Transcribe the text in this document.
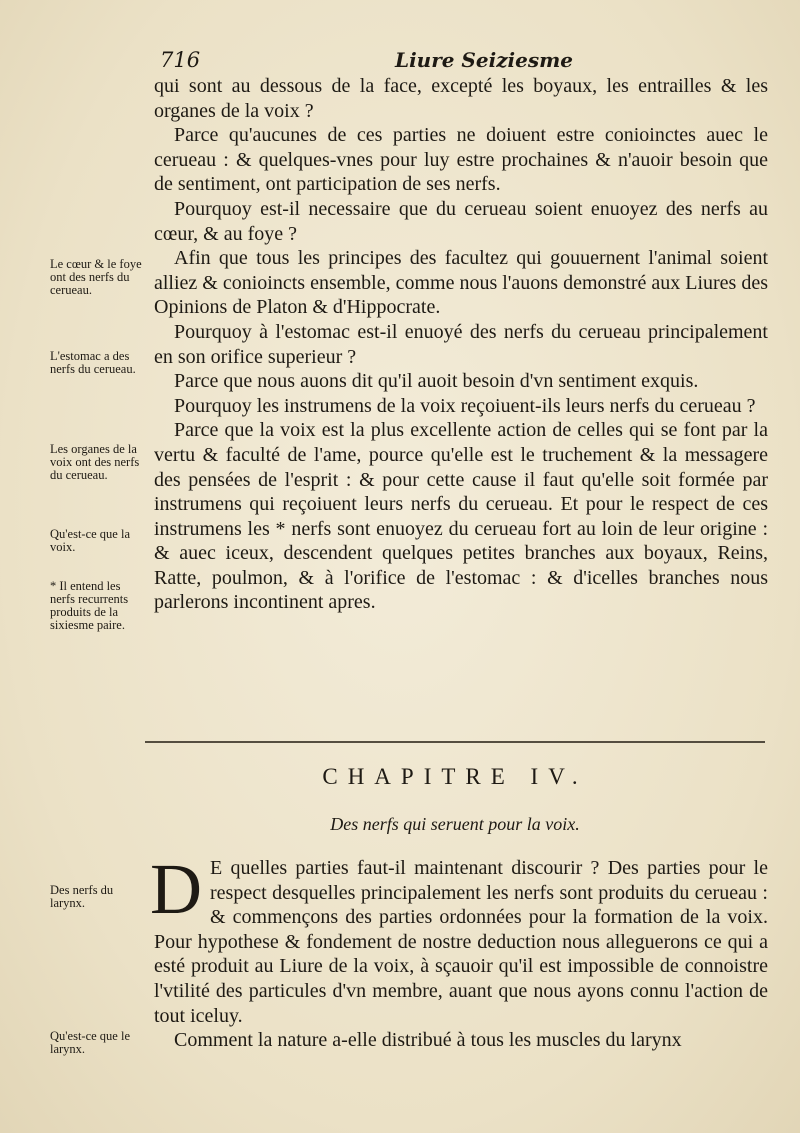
716	Liure Seiziesme

qui sont au dessous de la face, excepté les boyaux, les entrailles & les organes de la voix ?

Parce qu'aucunes de ces parties ne doiuent estre conioinctes auec le cerueau : & quelques-vnes pour luy estre prochaines & n'auoir besoin que de sentiment, ont participation de ses nerfs.

Pourquoy est-il necessaire que du cerueau soient enuoyez des nerfs au cœur, & au foye ?

Afin que tous les principes des facultez qui gouuernent l'animal soient alliez & conioincts ensemble, comme nous l'auons demonstré aux Liures des Opinions de Platon & d'Hippocrate.

Pourquoy à l'estomac est-il enuoyé des nerfs du cerueau principalement en son orifice superieur ?

Parce que nous auons dit qu'il auoit besoin d'vn sentiment exquis.

Pourquoy les instrumens de la voix reçoiuent-ils leurs nerfs du cerueau ?

Parce que la voix est la plus excellente action de celles qui se font par la vertu & faculté de l'ame, pource qu'elle est le truchement & la messagere des pensées de l'esprit : & pour cette cause il faut qu'elle soit formée par instrumens qui reçoiuent leurs nerfs du cerueau. Et pour le respect de ces instrumens les * nerfs sont enuoyez du cerueau fort au loin de leur origine : & auec iceux, descendent quelques petites branches aux boyaux, Reins, Ratte, poulmon, & à l'orifice de l'estomac : & d'icelles branches nous parlerons incontinent apres.

Le cœur & le foye ont des nerfs du cerueau.
L'estomac a des nerfs du cerueau.
Les organes de la voix ont des nerfs du cerueau.
Qu'est-ce que la voix.
* Il entend les nerfs recurrents produits de la sixiesme paire.
Des nerfs du larynx.
Qu'est-ce que le larynx.
CHAPITRE IV.
Des nerfs qui seruent pour la voix.

D E quelles parties faut-il maintenant discourir ? Des parties pour le respect desquelles principalement les nerfs sont produits du cerueau : & commençons des parties ordonnées pour la formation de la voix. Pour hypothese & fondement de nostre deduction nous alleguerons ce qui a esté produit au Liure de la voix, à sçauoir qu'il est impossible de connoistre l'vtilité des particules d'vn membre, auant que nous ayons connu l'action de tout iceluy.

Comment la nature a-elle distribué à tous les muscles du larynx
